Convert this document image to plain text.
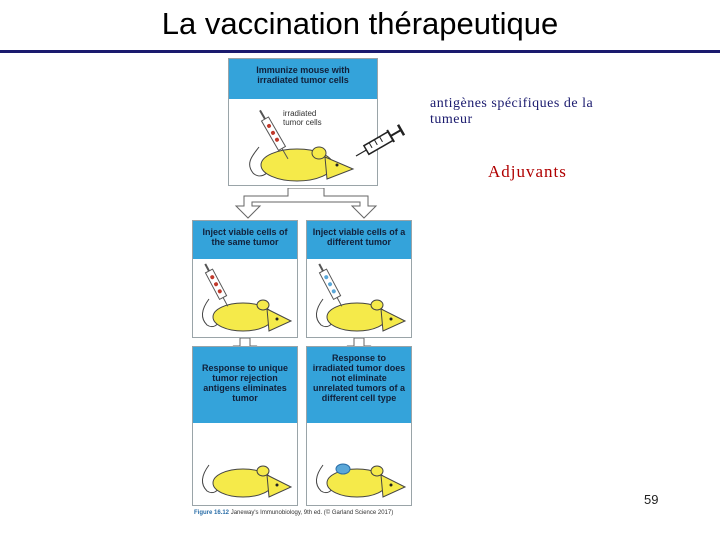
La vaccination thérapeutique
Immunize mouse with irradiated tumor cells
irradiated tumor cells
Inject viable cells of the same tumor
Inject viable cells of a different tumor
Response to unique tumor rejection antigens eliminates tumor
Response to irradiated tumor does not eliminate unrelated tumors of a different cell type
Figure 16.12 Janeway's Immunobiology, 9th ed. (© Garland Science 2017)
antigènes spécifiques de la tumeur
Adjuvants
59
